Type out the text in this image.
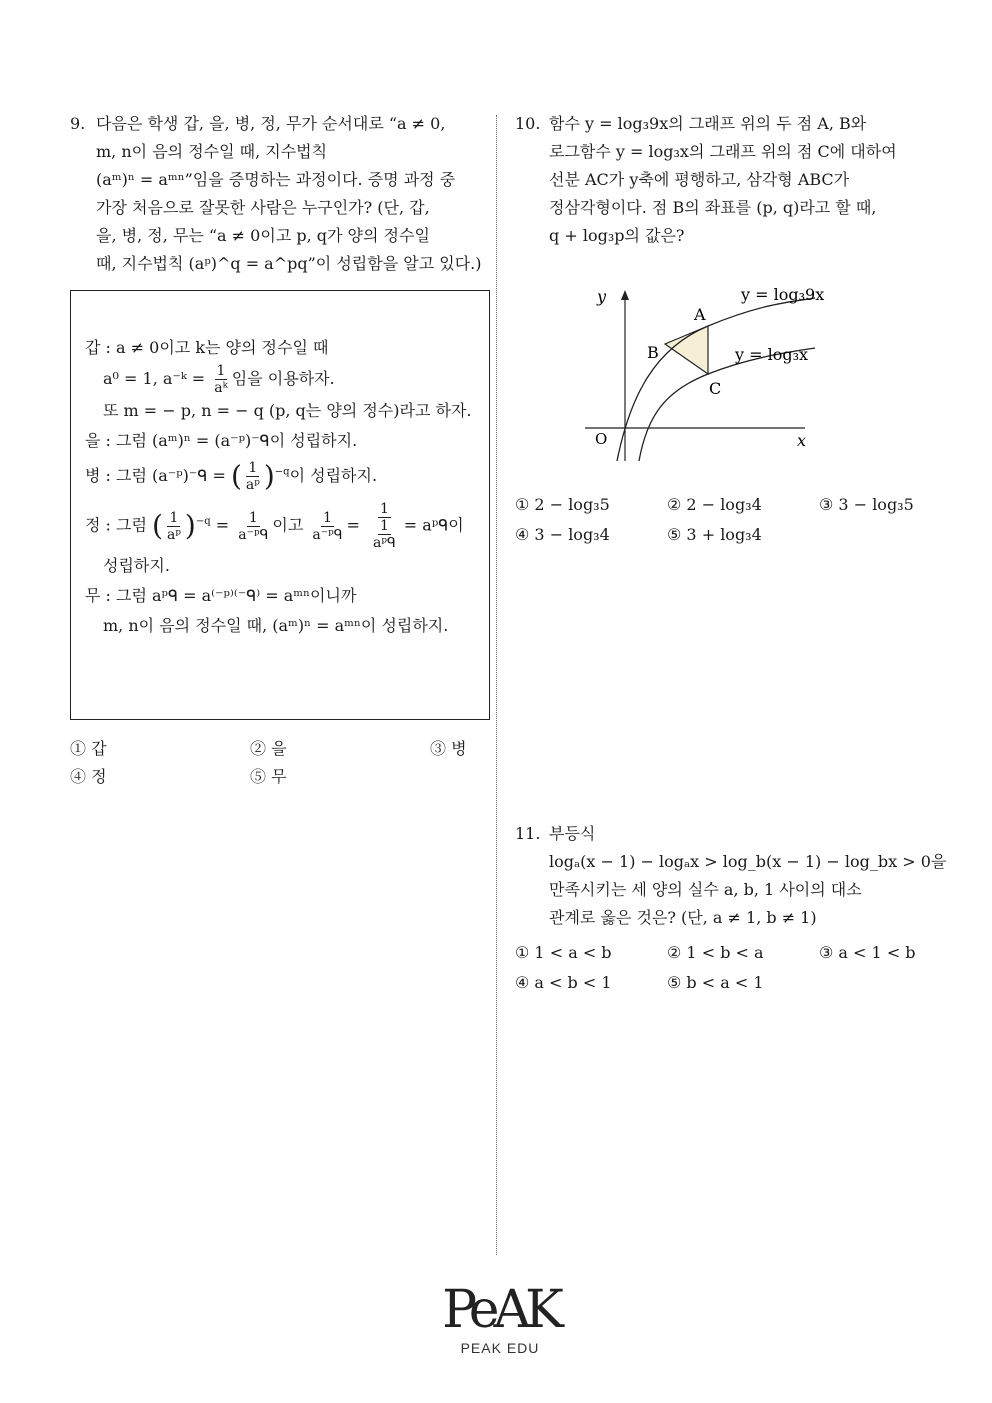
9. 다음은 학생 갑, 을, 병, 정, 무가 순서대로 “a ≠ 0,
m, n이 음의 정수일 때, 지수법칙
(aᵐ)ⁿ = aᵐⁿ”임을 증명하는 과정이다. 증명 과정 중
가장 처음으로 잘못한 사람은 누구인가? (단, 갑,
을, 병, 정, 무는 “a ≠ 0이고 p, q가 양의 정수일
때, 지수법칙 (aᵖ)^q = a^pq”이 성립함을 알고 있다.)
갑 : a ≠ 0이고 k는 양의 정수일 때
a⁰ = 1, a⁻ᵏ = $\frac{1}{\text{aᵏ}}$ 임을 이용하자.
또 m = − p, n = − q (p, q는 양의 정수)라고 하자.
을 : 그럼 (aᵐ)ⁿ = (a⁻ᵖ)⁻ᑫ이 성립하지.
병 : 그럼 (a⁻ᵖ)⁻ᑫ = ( $\frac{1}{\text{aᵖ}} )^{-q}$이 성립하지.
정 : 그럼 ( $\frac{1}{\text{aᵖ}} )^{-q} = \frac{1}{\text{a⁻ᵖᑫ}}$ 이고 $\frac{1}{\text{a⁻ᵖᑫ}} = \frac{1}{\frac{1}{\text{aᵖᑫ}}}$ = aᵖᑫ이
성립하지.
무 : 그럼 aᵖᑫ = a⁽⁻ᵖ⁾⁽⁻ᑫ⁾ = aᵐⁿ이니까
m, n이 음의 정수일 때, (aᵐ)ⁿ = aᵐⁿ이 성립하지.
① 갑	② 을	③ 병
④ 정	⑤ 무
10. 함수 y = log₃9x의 그래프 위의 두 점 A, B와
로그함수 y = log₃x의 그래프 위의 점 C에 대하여
선분 AC가 y축에 평행하고, 삼각형 ABC가
정삼각형이다. 점 B의 좌표를 (p, q)라고 할 때,
q + log₃p의 값은?
y
x
O
A
B
C
y = log₃9x
y = log₃x
① 2 − log₃5	② 2 − log₃4	③ 3 − log₃5
④ 3 − log₃4	⑤ 3 + log₃4
11. 부등식
logₐ(x − 1) − logₐx > log_b(x − 1) − log_bx > 0을
만족시키는 세 양의 실수 a, b, 1 사이의 대소
관계로 옳은 것은? (단, a ≠ 1, b ≠ 1)
① 1 < a < b	② 1 < b < a	③ a < 1 < b
④ a < b < 1	⑤ b < a < 1
PeAK
PEAK EDU
